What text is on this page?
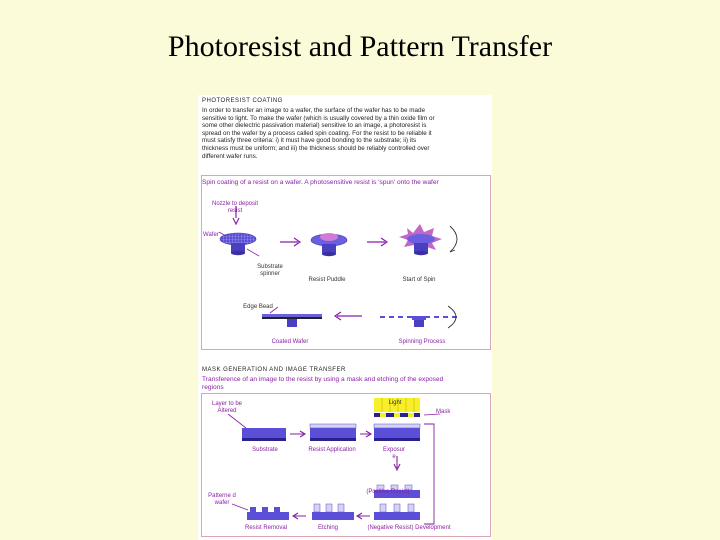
Photoresist and Pattern Transfer
PHOTORESIST COATING
In order to transfer an image to a wafer, the surface of the wafer has to be made
sensitive to light. To make the wafer (which is usually covered by a thin oxide film or
some other dielectric passivation material) sensitive to an image, a photoresist is
spread on the wafer by a process called spin coating. For the resist to be reliable it
must satisfy three criteria: i) it must have good bonding to the substrate; ii) its
thickness must be uniform; and iii) the thickness should be reliably controlled over
different wafer runs.
Spin coating of a resist on a wafer. A photosensitive resist is 'spun' onto the wafer
Nozzle to deposit
resist
Wafer
Substrate
spinner
Resist Puddle	Start of Spin
Edge Bead
Coated Wafer	Spinning Process
MASK GENERATION AND IMAGE TRANSFER
Transference of an image to the resist by using a mask and etching of the exposed
regions
Layer to be
Altered
Light
Mask
Substrate	Resist Application	Exposur
e
(Positive Resist)
Patterne d
wafer
Resist Removal	Etching	(Negative Resist) Development
